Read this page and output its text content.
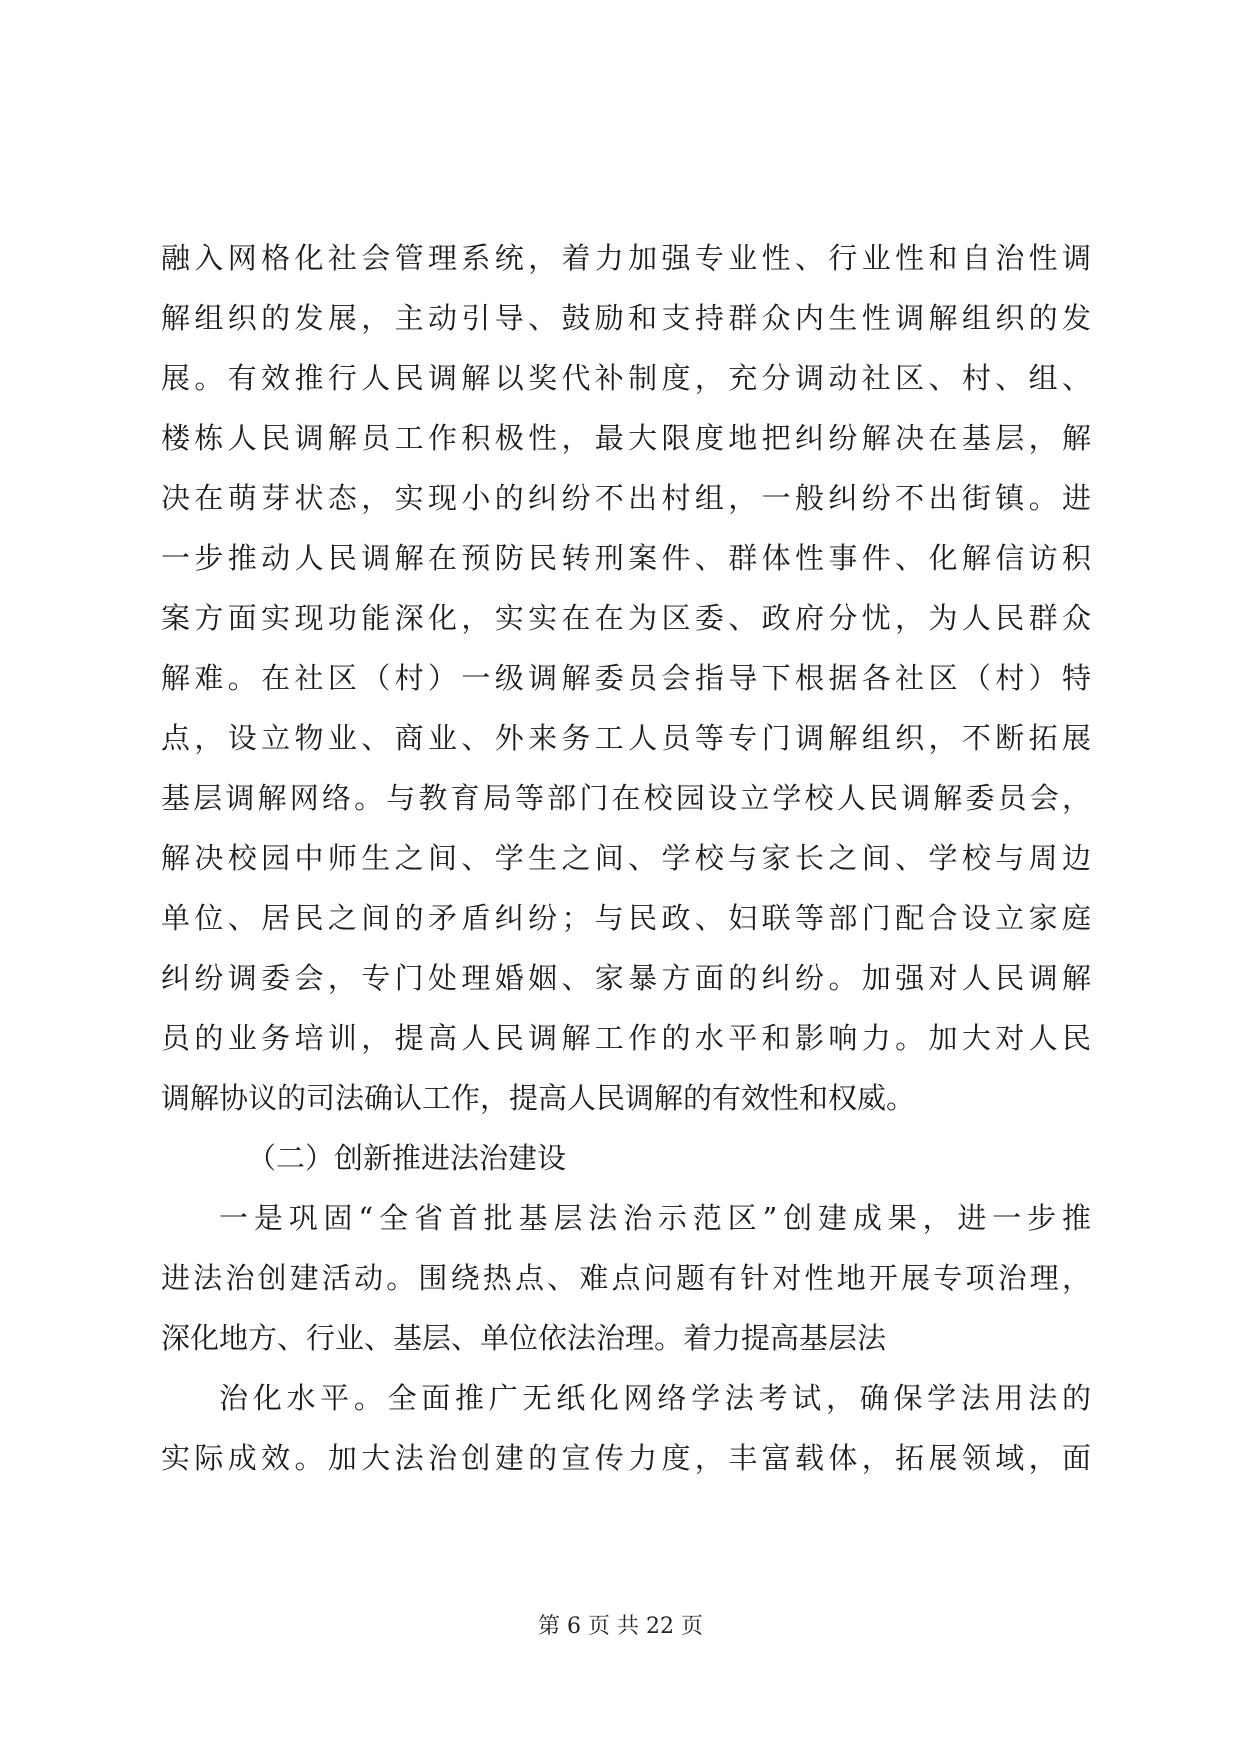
融入网格化社会管理系统，着力加强专业性、行业性和自治性调
解组织的发展，主动引导、鼓励和支持群众内生性调解组织的发
展。有效推行人民调解以奖代补制度，充分调动社区、村、组、
楼栋人民调解员工作积极性，最大限度地把纠纷解决在基层，解
决在萌芽状态，实现小的纠纷不出村组，一般纠纷不出街镇。进
一步推动人民调解在预防民转刑案件、群体性事件、化解信访积
案方面实现功能深化，实实在在为区委、政府分忧，为人民群众
解难。在社区（村）一级调解委员会指导下根据各社区（村）特
点，设立物业、商业、外来务工人员等专门调解组织，不断拓展
基层调解网络。与教育局等部门在校园设立学校人民调解委员会，
解决校园中师生之间、学生之间、学校与家长之间、学校与周边
单位、居民之间的矛盾纠纷；与民政、妇联等部门配合设立家庭
纠纷调委会，专门处理婚姻、家暴方面的纠纷。加强对人民调解
员的业务培训，提高人民调解工作的水平和影响力。加大对人民
调解协议的司法确认工作，提高人民调解的有效性和权威。
（二）创新推进法治建设
一是巩固“全省首批基层法治示范区”创建成果，进一步推
进法治创建活动。围绕热点、难点问题有针对性地开展专项治理，
深化地方、行业、基层、单位依法治理。着力提高基层法
治化水平。全面推广无纸化网络学法考试，确保学法用法的
实际成效。加大法治创建的宣传力度，丰富载体，拓展领域，面
第 6 页 共 22 页
